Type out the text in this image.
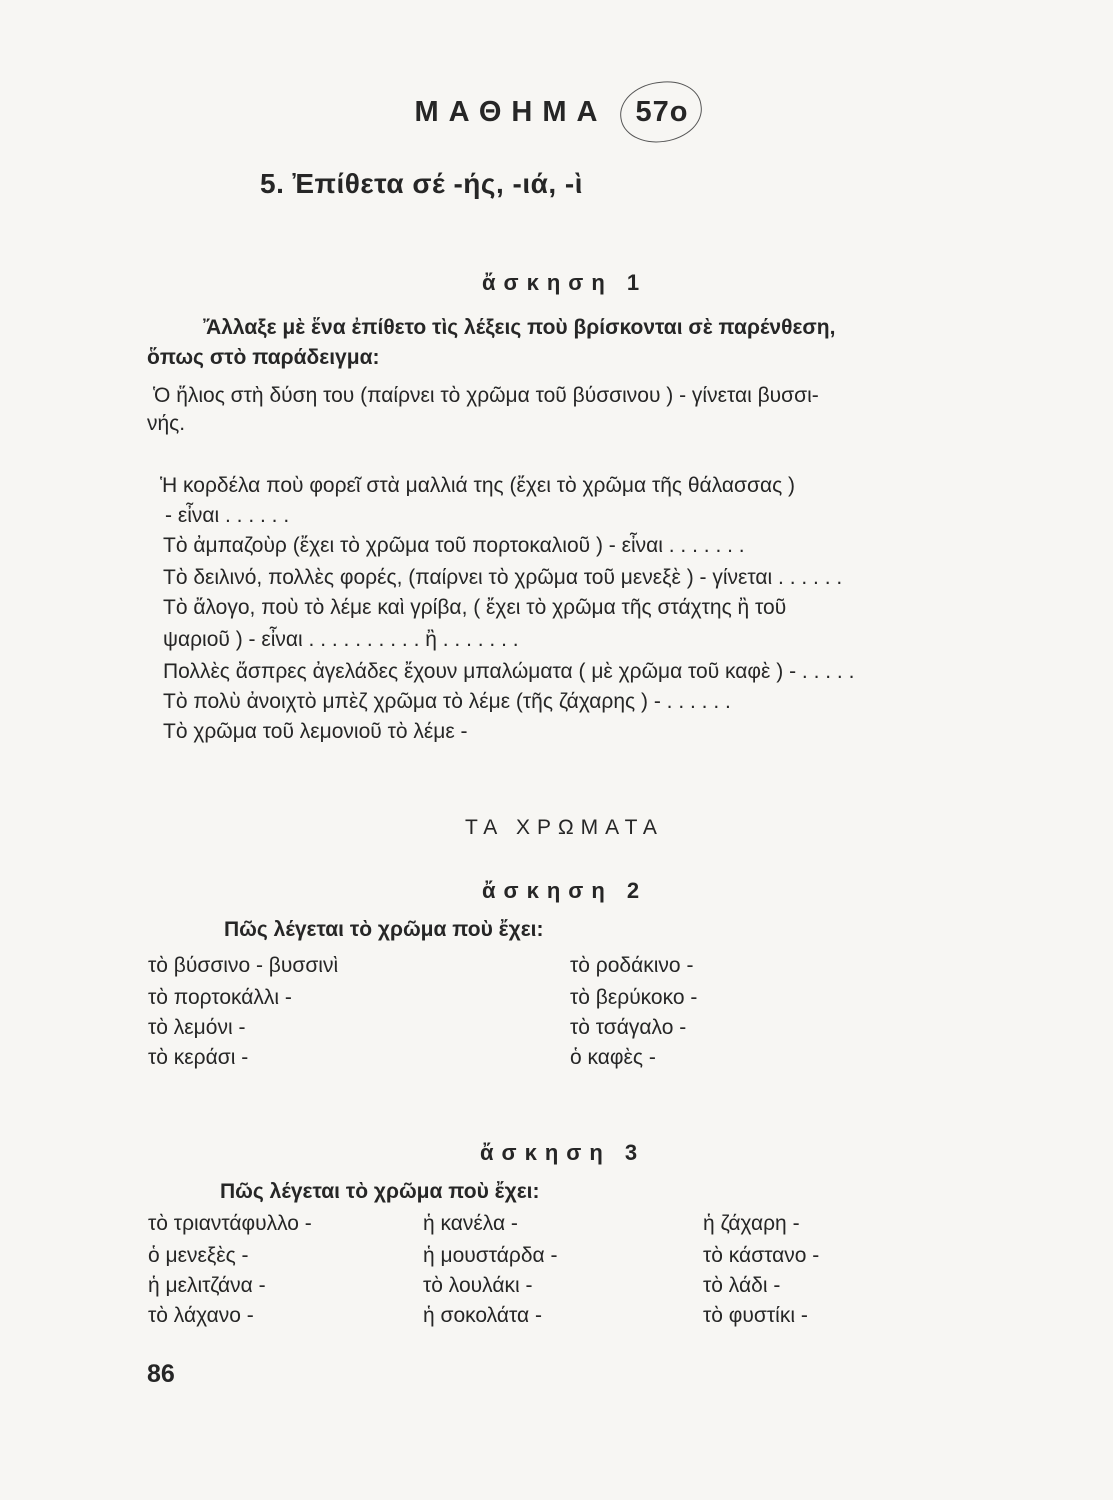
ΜΑΘΗΜΑ 57ο
5. Ἐπίθετα σέ -ής, -ιά, -ὶ
ἄσκηση 1
Ἄλλαξε μὲ ἕνα ἐπίθετο τὶς λέξεις ποὺ βρίσκονται σὲ παρένθεση,
ὅπως στὸ παράδειγμα:
Ὁ ἥλιος στὴ δύση του (παίρνει τὸ χρῶμα τοῦ βύσσινου ) - γίνεται βυσσι-
νής.
Ἡ κορδέλα ποὺ φορεῖ στὰ μαλλιά της (ἔχει τὸ χρῶμα τῆς θάλασσας )
- εἶναι . . . . . .
Τὸ ἀμπαζοὺρ (ἔχει τὸ χρῶμα τοῦ πορτοκαλιοῦ ) - εἶναι . . . . . . .
Τὸ δειλινό, πολλὲς φορές, (παίρνει τὸ χρῶμα τοῦ μενεξὲ ) - γίνεται . . . . . .
Τὸ ἄλογο, ποὺ τὸ λέμε καὶ γρίβα, ( ἔχει τὸ χρῶμα τῆς στάχτης ἢ τοῦ
ψαριοῦ ) - εἶναι . . . . . . . . . . ἢ . . . . . . .
Πολλὲς ἄσπρες ἀγελάδες ἔχουν μπαλώματα ( μὲ χρῶμα τοῦ καφὲ ) - . . . . .
Τὸ πολὺ ἀνοιχτὸ μπὲζ χρῶμα τὸ λέμε (τῆς ζάχαρης ) - . . . . . .
Τὸ χρῶμα τοῦ λεμονιοῦ τὸ λέμε -
ΤΑ ΧΡΩΜΑΤΑ
ἄσκηση 2
Πῶς λέγεται τὸ χρῶμα ποὺ ἔχει:
τὸ βύσσινο - βυσσινὶ
τὸ πορτοκάλλι -
τὸ λεμόνι -
τὸ κεράσι -
τὸ ροδάκινο -
τὸ βερύκοκο -
τὸ τσάγαλο -
ὁ καφὲς -
ἄσκηση 3
Πῶς λέγεται τὸ χρῶμα ποὺ ἔχει:
τὸ τριαντάφυλλο -
ὁ μενεξὲς -
ἡ μελιτζάνα -
τὸ λάχανο -
ἡ κανέλα -
ἡ μουστάρδα -
τὸ λουλάκι -
ἡ σοκολάτα -
ἡ ζάχαρη -
τὸ κάστανο -
τὸ λάδι -
τὸ φυστίκι -
86
